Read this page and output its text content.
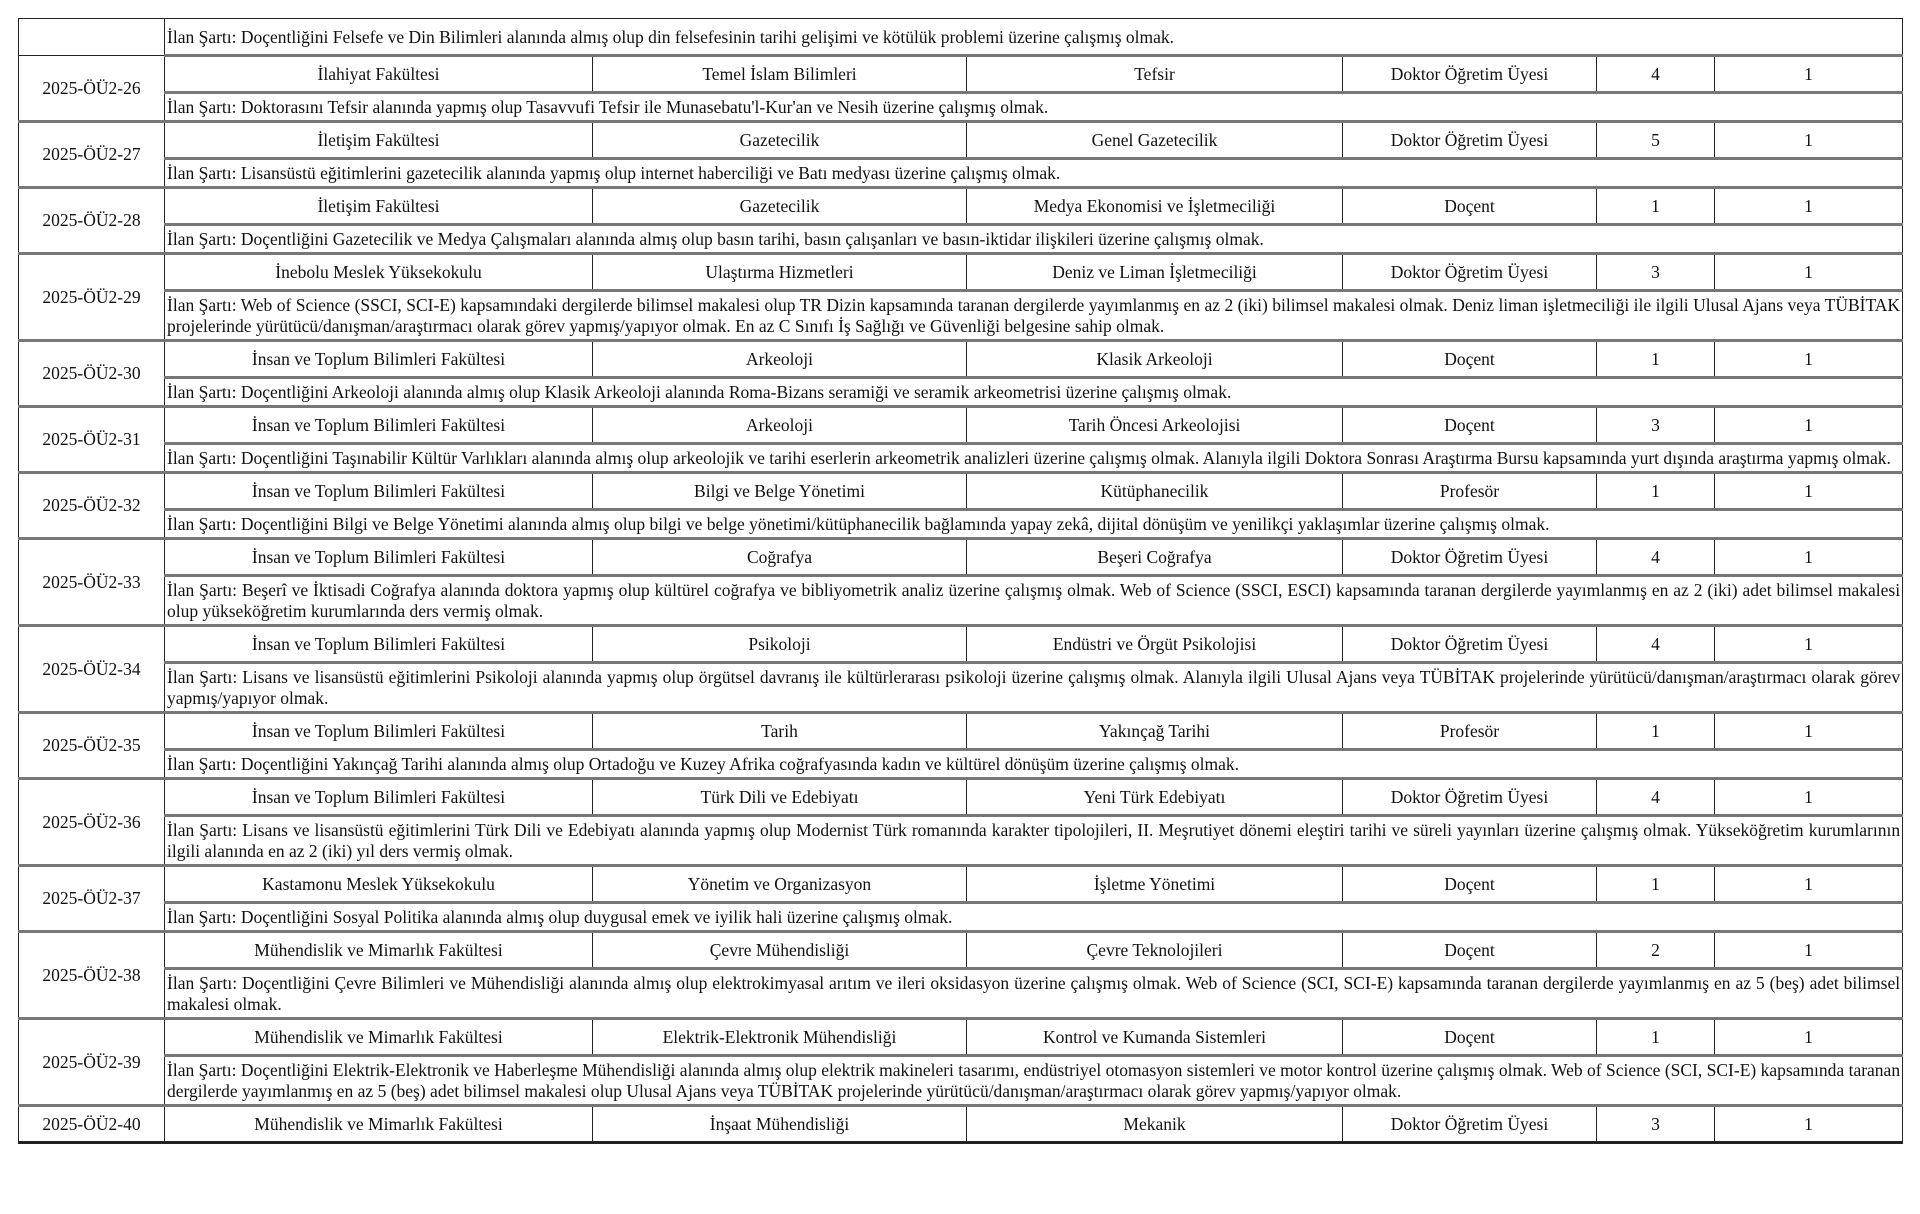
	İlan Şartı: Doçentliğini Felsefe ve Din Bilimleri alanında almış olup din felsefesinin tarihi gelişimi ve kötülük problemi üzerine çalışmış olmak.					
2025-ÖÜ2-26	İlahiyat Fakültesi	Temel İslam Bilimleri	Tefsir	Doktor Öğretim Üyesi	4	1
	İlan Şartı: Doktorasını Tefsir alanında yapmış olup Tasavvufi Tefsir ile Munasebatu'l-Kur'an ve Nesih üzerine çalışmış olmak.					
2025-ÖÜ2-27	İletişim Fakültesi	Gazetecilik	Genel Gazetecilik	Doktor Öğretim Üyesi	5	1
	İlan Şartı: Lisansüstü eğitimlerini gazetecilik alanında yapmış olup internet haberciliği ve Batı medyası üzerine çalışmış olmak.					
2025-ÖÜ2-28	İletişim Fakültesi	Gazetecilik	Medya Ekonomisi ve İşletmeciliği	Doçent	1	1
	İlan Şartı: Doçentliğini Gazetecilik ve Medya Çalışmaları alanında almış olup basın tarihi, basın çalışanları ve basın-iktidar ilişkileri üzerine çalışmış olmak.					
2025-ÖÜ2-29	İnebolu Meslek Yüksekokulu	Ulaştırma Hizmetleri	Deniz ve Liman İşletmeciliği	Doktor Öğretim Üyesi	3	1
	İlan Şartı: Web of Science (SSCI, SCI-E) kapsamındaki dergilerde bilimsel makalesi olup TR Dizin kapsamında taranan dergilerde yayımlanmış en az 2 (iki) bilimsel makalesi olmak. Deniz liman işletmeciliği ile ilgili Ulusal Ajans veya TÜBİTAK projelerinde yürütücü/danışman/araştırmacı olarak görev yapmış/yapıyor olmak. En az C Sınıfı İş Sağlığı ve Güvenliği belgesine sahip olmak.					
2025-ÖÜ2-30	İnsan ve Toplum Bilimleri Fakültesi	Arkeoloji	Klasik Arkeoloji	Doçent	1	1
	İlan Şartı: Doçentliğini Arkeoloji alanında almış olup Klasik Arkeoloji alanında Roma-Bizans seramiği ve seramik arkeometrisi üzerine çalışmış olmak.					
2025-ÖÜ2-31	İnsan ve Toplum Bilimleri Fakültesi	Arkeoloji	Tarih Öncesi Arkeolojisi	Doçent	3	1
	İlan Şartı: Doçentliğini Taşınabilir Kültür Varlıkları alanında almış olup arkeolojik ve tarihi eserlerin arkeometrik analizleri üzerine çalışmış olmak. Alanıyla ilgili Doktora Sonrası Araştırma Bursu kapsamında yurt dışında araştırma yapmış olmak.					
2025-ÖÜ2-32	İnsan ve Toplum Bilimleri Fakültesi	Bilgi ve Belge Yönetimi	Kütüphanecilik	Profesör	1	1
	İlan Şartı: Doçentliğini Bilgi ve Belge Yönetimi alanında almış olup bilgi ve belge yönetimi/kütüphanecilik bağlamında yapay zekâ, dijital dönüşüm ve yenilikçi yaklaşımlar üzerine çalışmış olmak.					
2025-ÖÜ2-33	İnsan ve Toplum Bilimleri Fakültesi	Coğrafya	Beşeri Coğrafya	Doktor Öğretim Üyesi	4	1
	İlan Şartı: Beşerî ve İktisadi Coğrafya alanında doktora yapmış olup kültürel coğrafya ve bibliyometrik analiz üzerine çalışmış olmak. Web of Science (SSCI, ESCI) kapsamında taranan dergilerde yayımlanmış en az 2 (iki) adet bilimsel makalesi olup yükseköğretim kurumlarında ders vermiş olmak.					
2025-ÖÜ2-34	İnsan ve Toplum Bilimleri Fakültesi	Psikoloji	Endüstri ve Örgüt Psikolojisi	Doktor Öğretim Üyesi	4	1
	İlan Şartı: Lisans ve lisansüstü eğitimlerini Psikoloji alanında yapmış olup örgütsel davranış ile kültürlerarası psikoloji üzerine çalışmış olmak. Alanıyla ilgili Ulusal Ajans veya TÜBİTAK projelerinde yürütücü/danışman/araştırmacı olarak görev yapmış/yapıyor olmak.					
2025-ÖÜ2-35	İnsan ve Toplum Bilimleri Fakültesi	Tarih	Yakınçağ Tarihi	Profesör	1	1
	İlan Şartı: Doçentliğini Yakınçağ Tarihi alanında almış olup Ortadoğu ve Kuzey Afrika coğrafyasında kadın ve kültürel dönüşüm üzerine çalışmış olmak.					
2025-ÖÜ2-36	İnsan ve Toplum Bilimleri Fakültesi	Türk Dili ve Edebiyatı	Yeni Türk Edebiyatı	Doktor Öğretim Üyesi	4	1
	İlan Şartı: Lisans ve lisansüstü eğitimlerini Türk Dili ve Edebiyatı alanında yapmış olup Modernist Türk romanında karakter tipolojileri, II. Meşrutiyet dönemi eleştiri tarihi ve süreli yayınları üzerine çalışmış olmak. Yükseköğretim kurumlarının ilgili alanında en az 2 (iki) yıl ders vermiş olmak.					
2025-ÖÜ2-37	Kastamonu Meslek Yüksekokulu	Yönetim ve Organizasyon	İşletme Yönetimi	Doçent	1	1
	İlan Şartı: Doçentliğini Sosyal Politika alanında almış olup duygusal emek ve iyilik hali üzerine çalışmış olmak.					
2025-ÖÜ2-38	Mühendislik ve Mimarlık Fakültesi	Çevre Mühendisliği	Çevre Teknolojileri	Doçent	2	1
	İlan Şartı: Doçentliğini Çevre Bilimleri ve Mühendisliği alanında almış olup elektrokimyasal arıtım ve ileri oksidasyon üzerine çalışmış olmak. Web of Science (SCI, SCI-E) kapsamında taranan dergilerde yayımlanmış en az 5 (beş) adet bilimsel makalesi olmak.					
2025-ÖÜ2-39	Mühendislik ve Mimarlık Fakültesi	Elektrik-Elektronik Mühendisliği	Kontrol ve Kumanda Sistemleri	Doçent	1	1
	İlan Şartı: Doçentliğini Elektrik-Elektronik ve Haberleşme Mühendisliği alanında almış olup elektrik makineleri tasarımı, endüstriyel otomasyon sistemleri ve motor kontrol üzerine çalışmış olmak. Web of Science (SCI, SCI-E) kapsamında taranan dergilerde yayımlanmış en az 5 (beş) adet bilimsel makalesi olup Ulusal Ajans veya TÜBİTAK projelerinde yürütücü/danışman/araştırmacı olarak görev yapmış/yapıyor olmak.					
2025-ÖÜ2-40	Mühendislik ve Mimarlık Fakültesi	İnşaat Mühendisliği	Mekanik	Doktor Öğretim Üyesi	3	1
